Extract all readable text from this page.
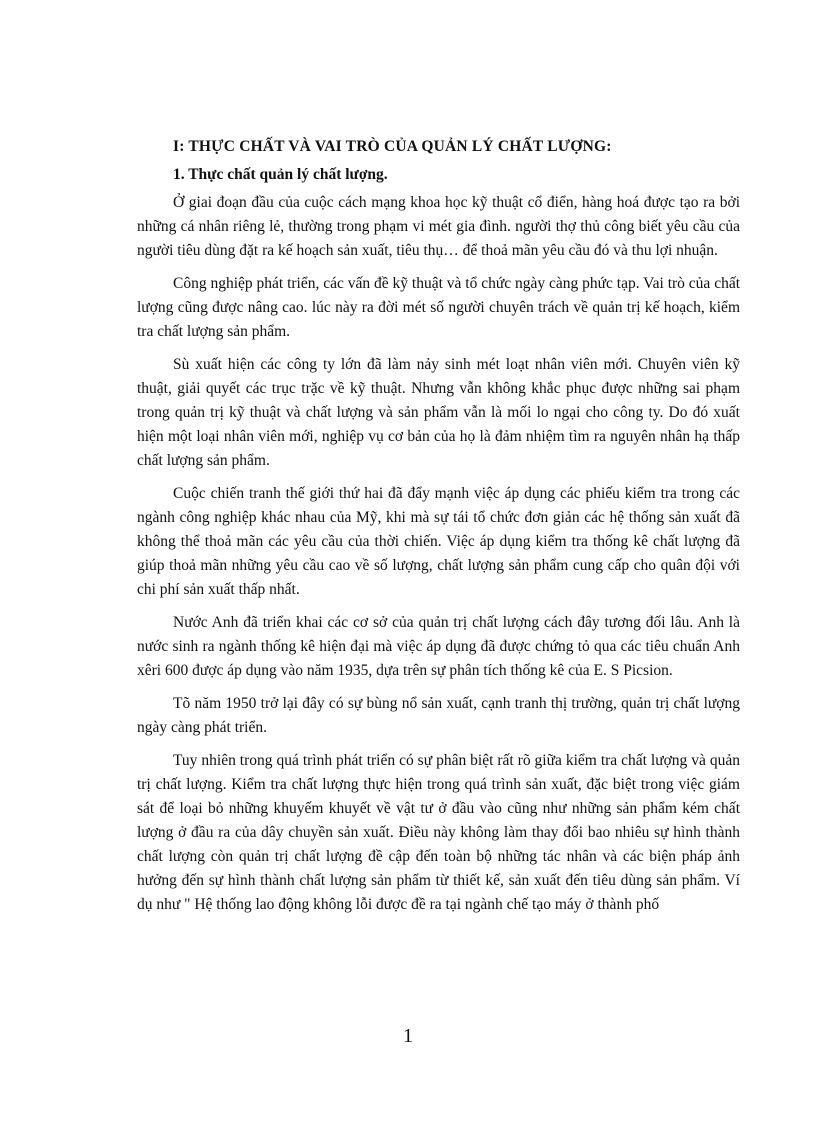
I: THỰC CHẤT VÀ VAI TRÒ CỦA QUẢN LÝ CHẤT LƯỢNG:
1. Thực chất quản lý chất lượng.

Ở giai đoạn đầu của cuộc cách mạng khoa học kỹ thuật cổ điển, hàng hoá được tạo ra bởi những cá nhân riêng lẻ, thường trong phạm vi mét gia đình. người thợ thủ công biết yêu cầu của người tiêu dùng đặt ra kế hoạch sản xuất, tiêu thụ… để thoả mãn yêu cầu đó và thu lợi nhuận.

Công nghiệp phát triển, các vấn đề kỹ thuật và tổ chức ngày càng phức tạp. Vai trò của chất lượng cũng được nâng cao. lúc này ra đời mét số người chuyên trách về quản trị kế hoạch, kiểm tra chất lượng sản phẩm.

Sù xuất hiện các công ty lớn đã làm nảy sinh mét loạt nhân viên mới. Chuyên viên kỹ thuật, giải quyết các trục trặc về kỹ thuật. Nhưng vẫn không khắc phục được những sai phạm trong quản trị kỹ thuật và chất lượng và sản phẩm vẫn là mối lo ngại cho công ty. Do đó xuất hiện một loại nhân viên mới, nghiệp vụ cơ bản của họ là đảm nhiệm tìm ra nguyên nhân hạ thấp chất lượng sản phẩm.

Cuộc chiến tranh thế giới thứ hai đã đẩy mạnh việc áp dụng các phiếu kiểm tra trong các ngành công nghiệp khác nhau của Mỹ, khi mà sự tái tổ chức đơn giản các hệ thống sản xuất đã không thể thoả mãn các yêu cầu của thời chiến. Việc áp dụng kiểm tra thống kê chất lượng đã giúp thoả mãn những yêu cầu cao về số lượng, chất lượng sản phẩm cung cấp cho quân đội với chi phí sản xuất thấp nhất.

Nước Anh đã triển khai các cơ sở của quản trị chất lượng cách đây tương đối lâu. Anh là nước sinh ra ngành thống kê hiện đại mà việc áp dụng đã được chứng tỏ qua các tiêu chuẩn Anh xêri 600 được áp dụng vào năm 1935, dựa trên sự phân tích thống kê của E. S Picsion.

Tõ năm 1950 trở lại đây có sự bùng nổ sản xuất, cạnh tranh thị trường, quản trị chất lượng ngày càng phát triển.

Tuy nhiên trong quá trình phát triển có sự phân biệt rất rõ giữa kiểm tra chất lượng và quản trị chất lượng. Kiểm tra chất lượng thực hiện trong quá trình sản xuất, đặc biệt trong việc giám sát để loại bỏ những khuyếm khuyết về vật tư ở đầu vào cũng như những sản phẩm kém chất lượng ở đầu ra của dây chuyền sản xuất. Điều này không làm thay đổi bao nhiêu sự hình thành chất lượng còn quản trị chất lượng đề cập đến toàn bộ những tác nhân và các biện pháp ảnh hưởng đến sự hình thành chất lượng sản phẩm từ thiết kế, sản xuất đến tiêu dùng sản phẩm. Ví dụ như " Hệ thống lao động không lỗi được đề ra tại ngành chế tạo máy ở thành phố

1
